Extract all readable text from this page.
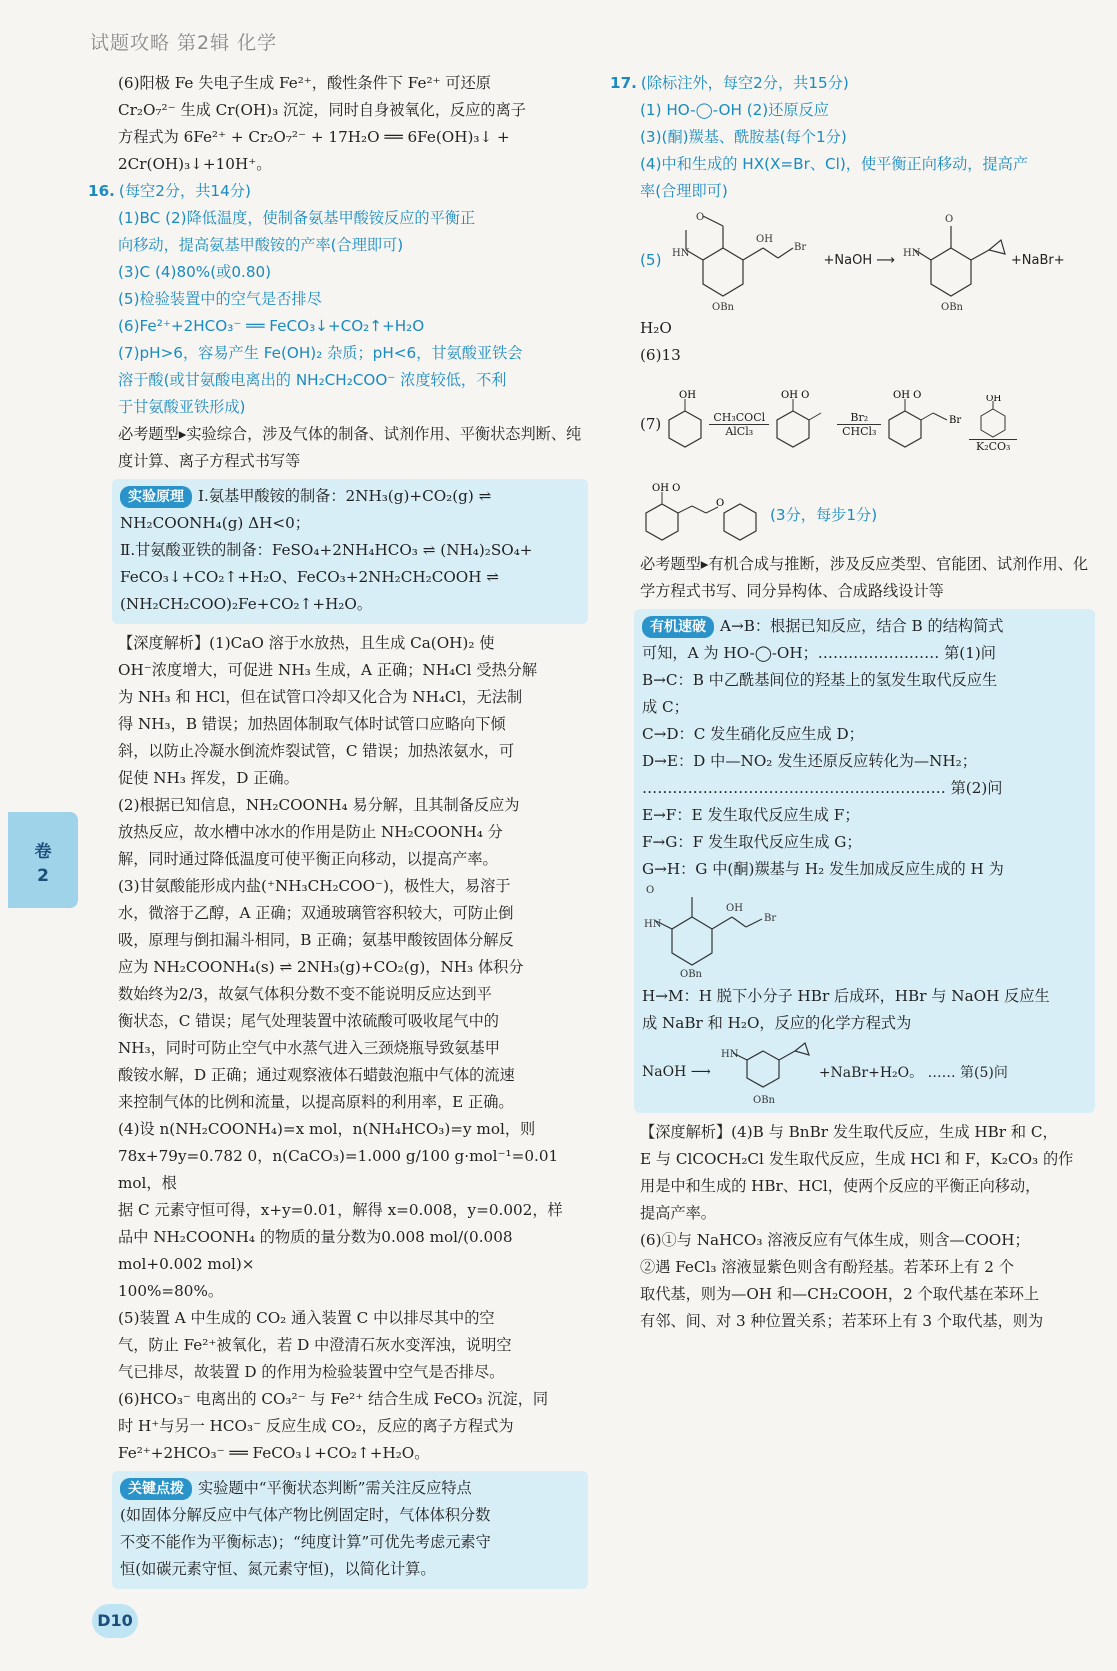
试题攻略 第2辑 化学
卷
2

(6)阳极 Fe 失电子生成 Fe²⁺，酸性条件下 Fe²⁺ 可还原

Cr₂O₇²⁻ 生成 Cr(OH)₃ 沉淀，同时自身被氧化，反应的离子

方程式为 6Fe²⁺ + Cr₂O₇²⁻ + 17H₂O ══ 6Fe(OH)₃↓ +

2Cr(OH)₃↓+10H⁺。

16. (每空2分，共14分)

(1)BC (2)降低温度，使制备氨基甲酸铵反应的平衡正

向移动，提高氨基甲酸铵的产率(合理即可)

(3)C (4)80%(或0.80)

(5)检验装置中的空气是否排尽

(6)Fe²⁺+2HCO₃⁻ ══ FeCO₃↓+CO₂↑+H₂O

(7)pH>6，容易产生 Fe(OH)₂ 杂质；pH<6，甘氨酸亚铁会

溶于酸(或甘氨酸电离出的 NH₂CH₂COO⁻ 浓度较低，不利

于甘氨酸亚铁形成)

必考题型▸实验综合，涉及气体的制备、试剂作用、平衡状态判断、纯度计算、离子方程式书写等

实验原理 Ⅰ.氨基甲酸铵的制备：2NH₃(g)+CO₂(g) ⇌

NH₂COONH₄(g) ΔH<0；

Ⅱ.甘氨酸亚铁的制备：FeSO₄+2NH₄HCO₃ ⇌ (NH₄)₂SO₄+

FeCO₃↓+CO₂↑+H₂O、FeCO₃+2NH₂CH₂COOH ⇌

(NH₂CH₂COO)₂Fe+CO₂↑+H₂O。

【深度解析】(1)CaO 溶于水放热，且生成 Ca(OH)₂ 使

OH⁻浓度增大，可促进 NH₃ 生成，A 正确；NH₄Cl 受热分解

为 NH₃ 和 HCl，但在试管口冷却又化合为 NH₄Cl，无法制

得 NH₃，B 错误；加热固体制取气体时试管口应略向下倾

斜，以防止冷凝水倒流炸裂试管，C 错误；加热浓氨水，可

促使 NH₃ 挥发，D 正确。

(2)根据已知信息，NH₂COONH₄ 易分解，且其制备反应为

放热反应，故水槽中冰水的作用是防止 NH₂COONH₄ 分

解，同时通过降低温度可使平衡正向移动，以提高产率。

(3)甘氨酸能形成内盐(⁺NH₃CH₂COO⁻)，极性大，易溶于

水，微溶于乙醇，A 正确；双通玻璃管容积较大，可防止倒

吸，原理与倒扣漏斗相同，B 正确；氨基甲酸铵固体分解反

应为 NH₂COONH₄(s) ⇌ 2NH₃(g)+CO₂(g)，NH₃ 体积分

数始终为2/3，故氨气体积分数不变不能说明反应达到平

衡状态，C 错误；尾气处理装置中浓硫酸可吸收尾气中的

NH₃，同时可防止空气中水蒸气进入三颈烧瓶导致氨基甲

酸铵水解，D 正确；通过观察液体石蜡鼓泡瓶中气体的流速

来控制气体的比例和流量，以提高原料的利用率，E 正确。

(4)设 n(NH₂COONH₄)=x mol，n(NH₄HCO₃)=y mol，则

78x+79y=0.782 0，n(CaCO₃)=1.000 g/100 g·mol⁻¹=0.01 mol，根

据 C 元素守恒可得，x+y=0.01，解得 x=0.008，y=0.002，样

品中 NH₂COONH₄ 的物质的量分数为0.008 mol/(0.008 mol+0.002 mol)×

100%=80%。

(5)装置 A 中生成的 CO₂ 通入装置 C 中以排尽其中的空

气，防止 Fe²⁺被氧化，若 D 中澄清石灰水变浑浊，说明空

气已排尽，故装置 D 的作用为检验装置中空气是否排尽。

(6)HCO₃⁻ 电离出的 CO₃²⁻ 与 Fe²⁺ 结合生成 FeCO₃ 沉淀，同

时 H⁺与另一 HCO₃⁻ 反应生成 CO₂，反应的离子方程式为

Fe²⁺+2HCO₃⁻ ══ FeCO₃↓+CO₂↑+H₂O。

关键点拨 实验题中“平衡状态判断”需关注反应特点

(如固体分解反应中气体产物比例固定时，气体体积分数

不变不能作为平衡标志)；“纯度计算”可优先考虑元素守

恒(如碳元素守恒、氮元素守恒)，以简化计算。

17. (除标注外，每空2分，共15分)

(1) HO-◯-OH (2)还原反应

(3)(酮)羰基、酰胺基(每个1分)

(4)中和生成的 HX(X=Br、Cl)，使平衡正向移动，提高产

率(合理即可)

(5)
O
HN
OH
Br
OBn
+NaOH ⟶ HN
O
OBn
+NaBr+

H₂O

(6)13

(7)
OH
CH₃COCl
AlCl₃
OH O
Br₂
CHCl₃
OH O
Br
OH
K₂CO₃
OH O
O
(3分，每步1分)

必考题型▸有机合成与推断，涉及反应类型、官能团、试剂作用、化学方程式书写、同分异构体、合成路线设计等

有机速破 A→B：根据已知反应，结合 B 的结构简式

可知，A 为 HO-◯-OH；…………………… 第(1)问

B→C：B 中乙酰基间位的羟基上的氢发生取代反应生

成 C；

C→D：C 发生硝化反应生成 D；

D→E：D 中—NO₂ 发生还原反应转化为—NH₂；

…………………………………………………… 第(2)问

E→F：E 发生取代反应生成 F；

F→G：F 发生取代反应生成 G；

G→H：G 中(酮)羰基与 H₂ 发生加成反应生成的 H 为

O
HN
OH
Br
OBn

H→M：H 脱下小分子 HBr 后成环，HBr 与 NaOH 反应生

成 NaBr 和 H₂O，反应的化学方程式为

NaOH ⟶
HN
OBn
+NaBr+H₂O。 …… 第(5)问

【深度解析】(4)B 与 BnBr 发生取代反应，生成 HBr 和 C，

E 与 ClCOCH₂Cl 发生取代反应，生成 HCl 和 F，K₂CO₃ 的作

用是中和生成的 HBr、HCl，使两个反应的平衡正向移动，

提高产率。

(6)①与 NaHCO₃ 溶液反应有气体生成，则含—COOH；

②遇 FeCl₃ 溶液显紫色则含有酚羟基。若苯环上有 2 个

取代基，则为—OH 和—CH₂COOH，2 个取代基在苯环上

有邻、间、对 3 种位置关系；若苯环上有 3 个取代基，则为

D10
